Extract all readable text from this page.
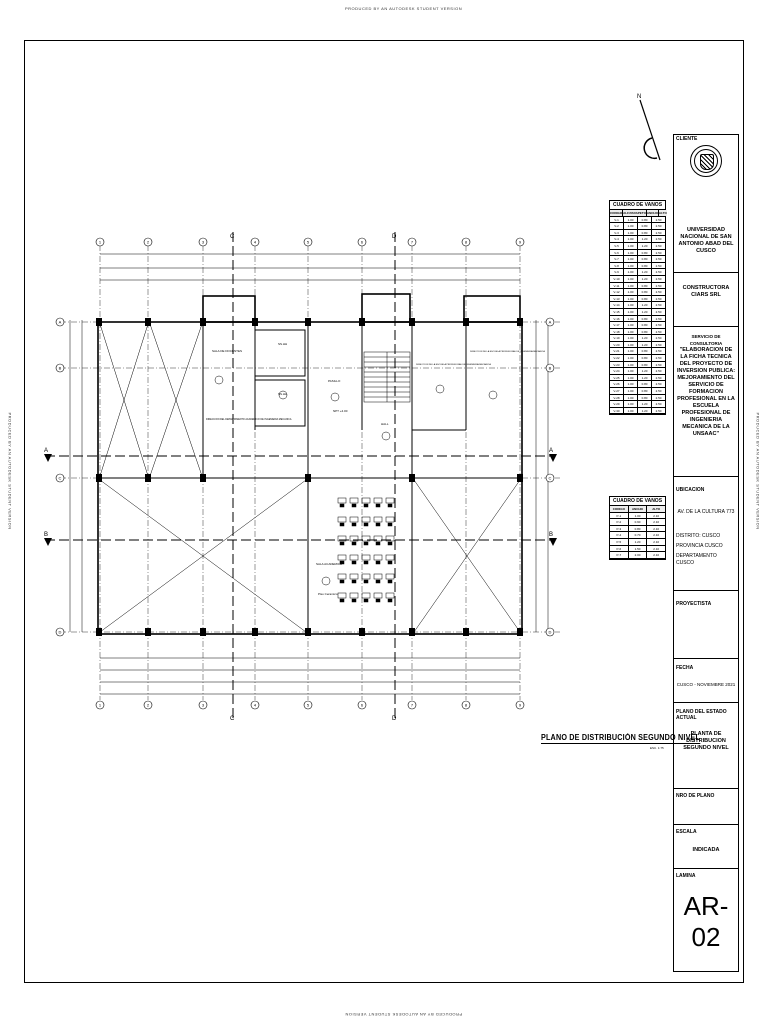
PRODUCED BY AN AUTODESK STUDENT VERSION
PRODUCED BY AN AUTODESK STUDENT VERSION
PRODUCED BY AN AUTODESK STUDENT VERSION	PRODUCED BY AN AUTODESK STUDENT VERSION
1	2	3	4	5	6	7	8	9
1	2	3	4	5	6	7	8	9
A
B
C
D
A
B
C
D
SALA DE DOCENTES
DIRECCION DEL DEPARTAMENTO ACADEMICO DE INGENIERIA MECANICA
SS.HH
SS.HH
PASILLO
DIRECCION DE LA ESCUELA PROFESIONAL DE INGENIERIA MECANICA
DIRECCION DE LA ESCUELA PROFESIONAL DE INGENIERIA MECANICA
HALL
SALA ACADEMICA
Piso Ceramico
NPT +4.00
A	A
B	B
C
C
D
D
N
CUADRO DE VANOS
CODIGO ALF.PARAPETO ANCHO ALTO
V-1	1.00	0.80	2.50
V-2	1.00	0.80	2.50
V-3	1.00	0.80	2.50
V-4	1.00	1.20	2.50
V-5	1.00	1.20	2.50
V-6	1.00	0.80	2.50
V-7	1.00	0.80	2.50
V-8	1.00	0.80	2.50
V-9	1.00	1.20	2.50
V-10	1.00	1.20	2.50
V-11	1.00	0.80	2.50
V-12	1.00	0.80	2.50
V-13	1.00	0.80	2.50
V-14	1.00	1.20	2.50
V-15	1.00	1.20	2.50
V-16	1.00	0.80	2.50
V-17	1.00	0.80	2.50
V-18	1.00	0.80	2.50
V-19	1.00	1.20	2.50
V-20	1.00	1.20	2.50
V-21	1.00	0.80	2.50
V-22	1.00	0.80	2.50
V-23	1.00	0.80	2.50
V-24	1.00	1.20	2.50
V-25	1.00	1.20	2.50
V-26	1.00	0.80	2.50
V-27	1.00	0.80	2.50
V-28	1.00	0.80	2.50
V-29	1.00	1.20	2.50
V-30	1.00	1.20	2.50
CUADRO DE VANOS
CODIGO	ANCHO	ALTO
P-1	1.00	2.10
P-2	0.90	2.10
P-3	0.80	2.10
P-4	0.70	2.10
P-5	1.20	2.10
P-6	1.50	2.10
P-7	2.00	2.10
PLANO DE DISTRIBUCIÓN SEGUNDO NIVEL
ESC. 1:75
CLIENTE
UNIVERSIDAD NACIONAL DE SAN ANTONIO ABAD DEL CUSCO
CONSTRUCTORA CIARS SRL
SERVICIO DE CONSULTORIA
"ELABORACION DE LA FICHA TECNICA DEL PROYECTO DE INVERSION PUBLICA: MEJORAMIENTO DEL SERVICIO DE FORMACION PROFESIONAL EN LA ESCUELA PROFESIONAL DE INGENIERIA MECANICA DE LA UNSAAC"
UBICACION
AV. DE LA CULTURA 773
DISTRITO: CUSCO
PROVINCIA CUSCO
DEPARTAMENTO CUSCO
PROYECTISTA
FECHA
CUSCO - NOVIEMBRE 2021
PLANO DEL ESTADO ACTUAL
PLANTA DE DISTRIBUCION SEGUNDO NIVEL
NRO DE PLANO
ESCALA
INDICADA
LAMINA
AR-02
